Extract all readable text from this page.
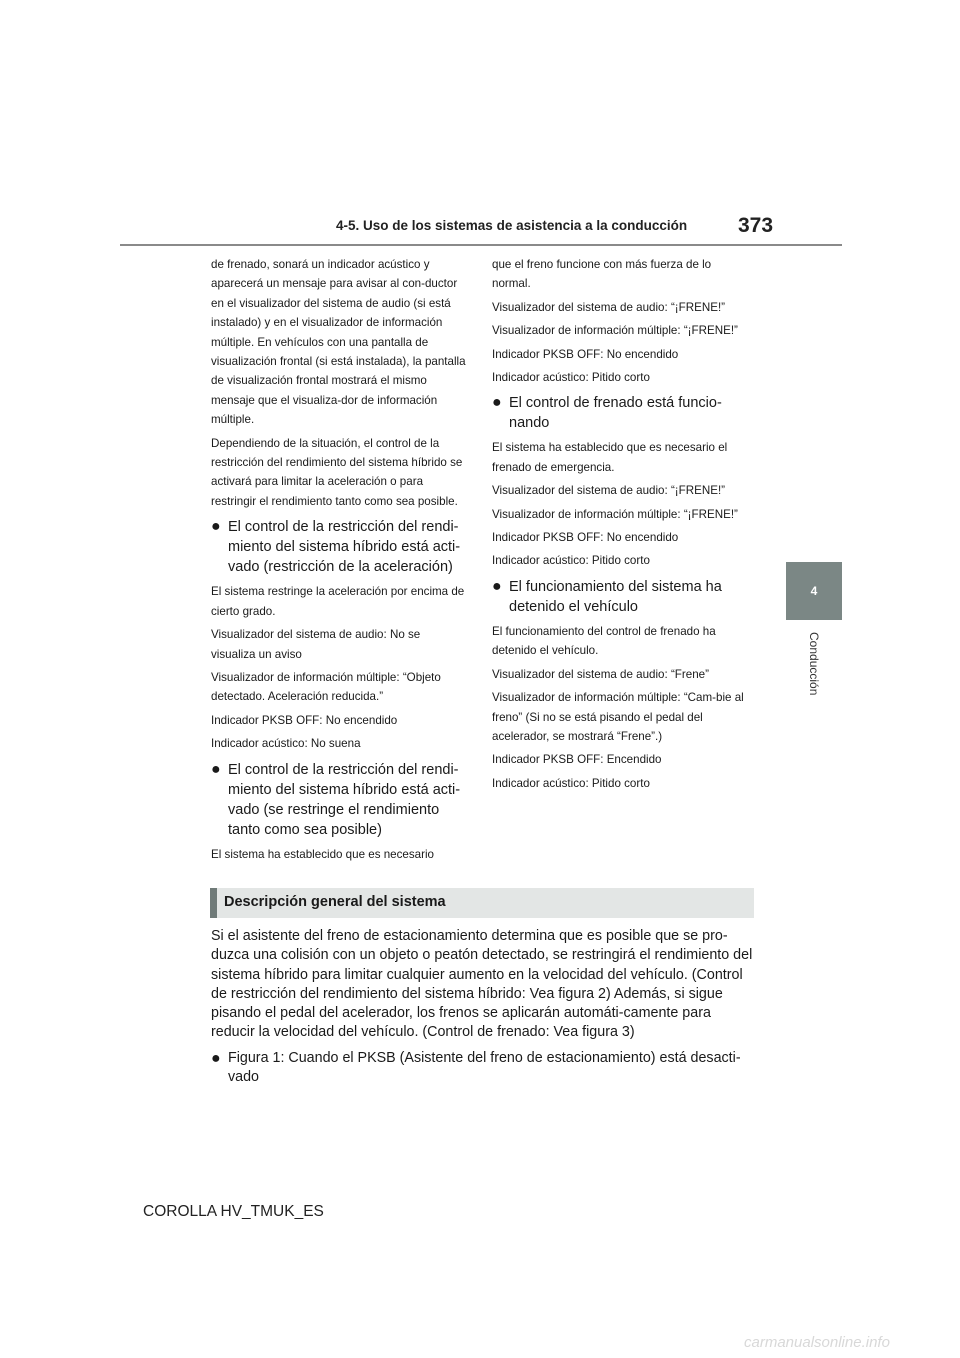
4-5. Uso de los sistemas de asistencia a la conducción 373
4
Conducción

de frenado, sonará un indicador acústico y aparecerá un mensaje para avisar al con-ductor en el visualizador del sistema de audio (si está instalado) y en el visualizador de información múltiple. En vehículos con una pantalla de visualización frontal (si está instalada), la pantalla de visualización frontal mostrará el mismo mensaje que el visualiza-dor de información múltiple.

Dependiendo de la situación, el control de la restricción del rendimiento del sistema híbrido se activará para limitar la aceleración o para restringir el rendimiento tanto como sea posible.

● El control de la restricción del rendi-miento del sistema híbrido está acti-vado (restricción de la aceleración)

El sistema restringe la aceleración por encima de cierto grado.

Visualizador del sistema de audio: No se visualiza un aviso

Visualizador de información múltiple: “Objeto detectado. Aceleración reducida.”

Indicador PKSB OFF: No encendido

Indicador acústico: No suena

● El control de la restricción del rendi-miento del sistema híbrido está acti-vado (se restringe el rendimiento tanto como sea posible)

El sistema ha establecido que es necesario

que el freno funcione con más fuerza de lo normal.

Visualizador del sistema de audio: “¡FRENE!”

Visualizador de información múltiple: “¡FRENE!”

Indicador PKSB OFF: No encendido

Indicador acústico: Pitido corto

● El control de frenado está funcio-nando

El sistema ha establecido que es necesario el frenado de emergencia.

Visualizador del sistema de audio: “¡FRENE!”

Visualizador de información múltiple: “¡FRENE!”

Indicador PKSB OFF: No encendido

Indicador acústico: Pitido corto

● El funcionamiento del sistema ha detenido el vehículo

El funcionamiento del control de frenado ha detenido el vehículo.

Visualizador del sistema de audio: “Frene”

Visualizador de información múltiple: “Cam-bie al freno” (Si no se está pisando el pedal del acelerador, se mostrará “Frene”.)

Indicador PKSB OFF: Encendido

Indicador acústico: Pitido corto

Descripción general del sistema

Si el asistente del freno de estacionamiento determina que es posible que se pro-duzca una colisión con un objeto o peatón detectado, se restringirá el rendimiento del sistema híbrido para limitar cualquier aumento en la velocidad del vehículo. (Control de restricción del rendimiento del sistema híbrido: Vea figura 2) Además, si sigue pisando el pedal del acelerador, los frenos se aplicarán automáti-camente para reducir la velocidad del vehículo. (Control de frenado: Vea figura 3)

● Figura 1: Cuando el PKSB (Asistente del freno de estacionamiento) está desacti-vado
COROLLA HV_TMUK_ES
carmanualsonline.info
